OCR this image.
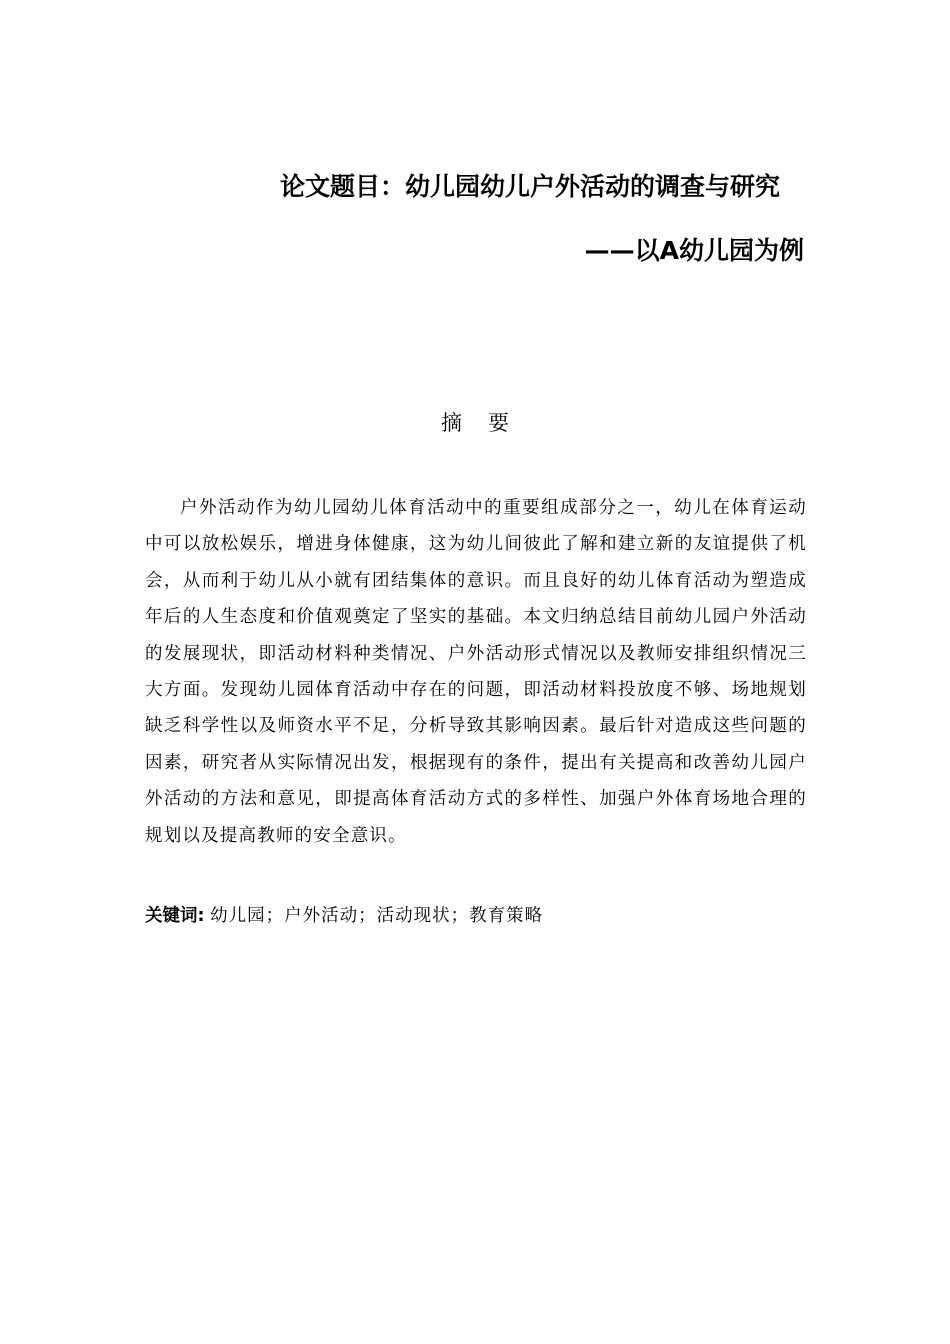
论文题目：幼儿园幼儿户外活动的调查与研究
——以A幼儿园为例
摘要

户外活动作为幼儿园幼儿体育活动中的重要组成部分之一，幼儿在体育运动中可以放松娱乐，增进身体健康，这为幼儿间彼此了解和建立新的友谊提供了机会，从而利于幼儿从小就有团结集体的意识。而且良好的幼儿体育活动为塑造成年后的人生态度和价值观奠定了坚实的基础。本文归纳总结目前幼儿园户外活动的发展现状，即活动材料种类情况、户外活动形式情况以及教师安排组织情况三大方面。发现幼儿园体育活动中存在的问题，即活动材料投放度不够、场地规划缺乏科学性以及师资水平不足，分析导致其影响因素。最后针对造成这些问题的因素，研究者从实际情况出发，根据现有的条件，提出有关提高和改善幼儿园户外活动的方法和意见，即提高体育活动方式的多样性、加强户外体育场地合理的规划以及提高教师的安全意识。

关键词: 幼儿园；户外活动；活动现状；教育策略
